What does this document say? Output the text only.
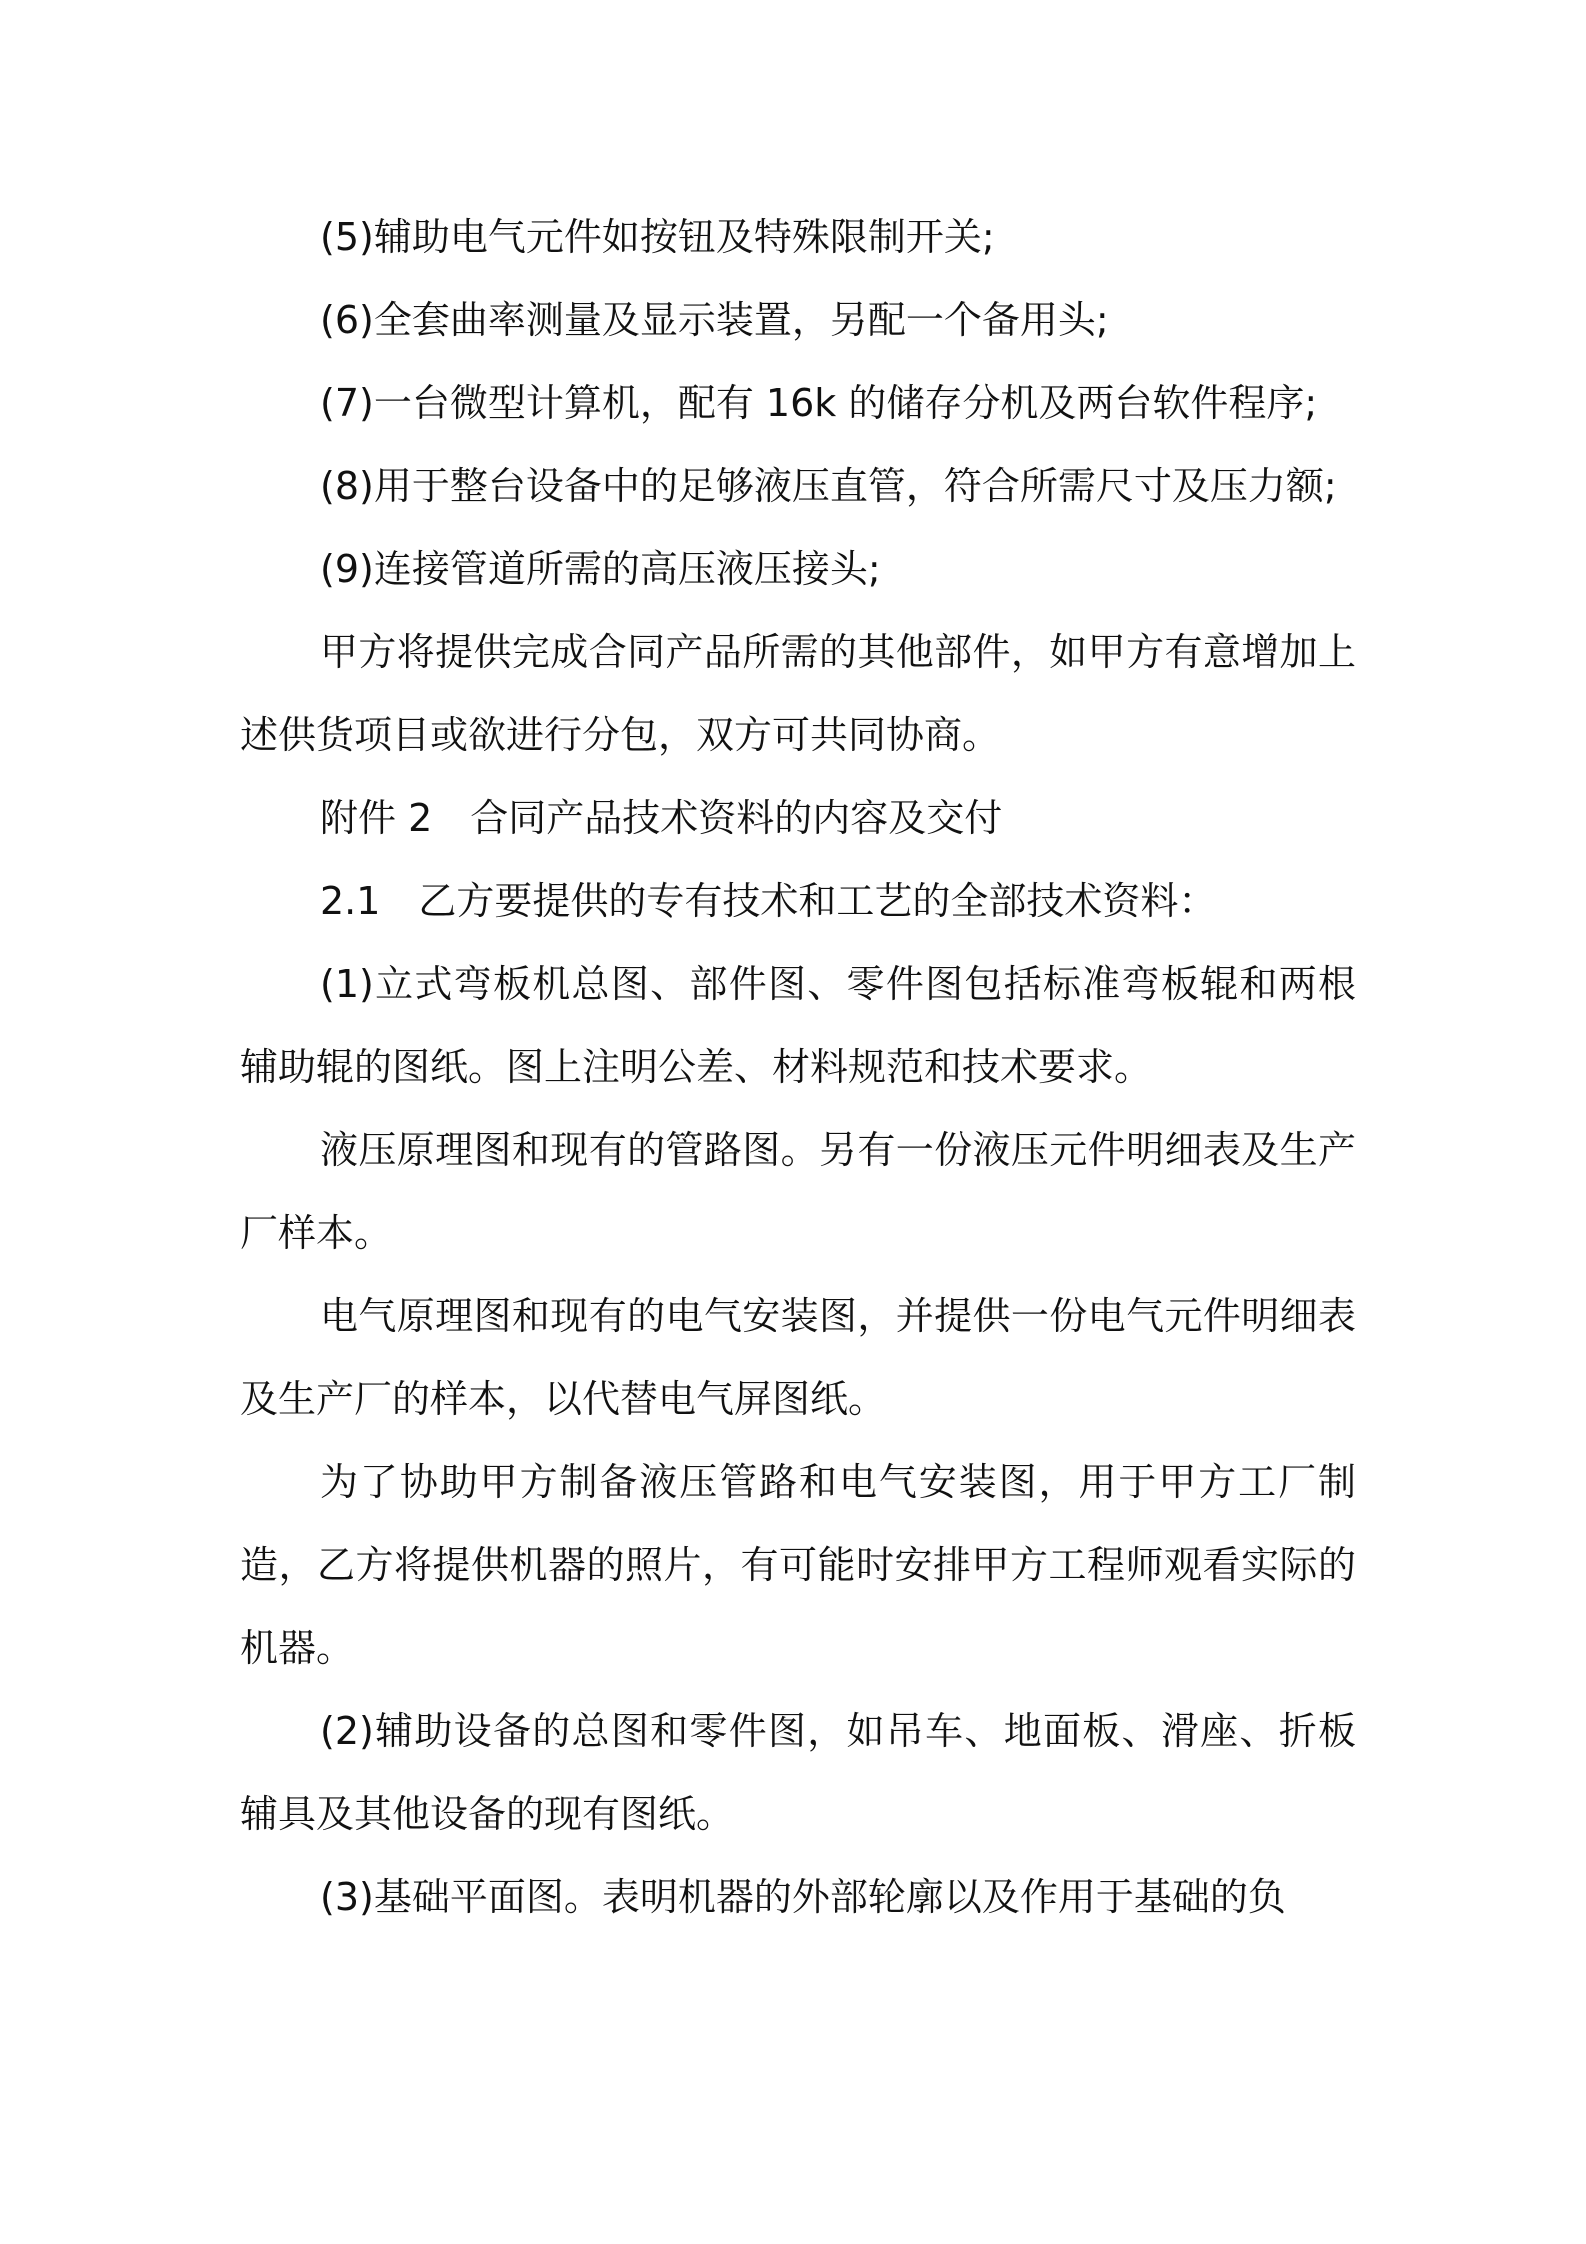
(5)辅助电气元件如按钮及特殊限制开关;

(6)全套曲率测量及显示装置，另配一个备用头;

(7)一台微型计算机，配有 16k 的储存分机及两台软件程序;

(8)用于整台设备中的足够液压直管，符合所需尺寸及压力额;

(9)连接管道所需的高压液压接头;

甲方将提供完成合同产品所需的其他部件，如甲方有意增加上述供货项目或欲进行分包，双方可共同协商。

附件 2　合同产品技术资料的内容及交付

2.1　乙方要提供的专有技术和工艺的全部技术资料：

(1)立式弯板机总图、部件图、零件图包括标准弯板辊和两根辅助辊的图纸。图上注明公差、材料规范和技术要求。

液压原理图和现有的管路图。另有一份液压元件明细表及生产厂样本。

电气原理图和现有的电气安装图，并提供一份电气元件明细表及生产厂的样本，以代替电气屏图纸。

为了协助甲方制备液压管路和电气安装图，用于甲方工厂制造，乙方将提供机器的照片，有可能时安排甲方工程师观看实际的机器。

(2)辅助设备的总图和零件图，如吊车、地面板、滑座、折板辅具及其他设备的现有图纸。

(3)基础平面图。表明机器的外部轮廓以及作用于基础的负
